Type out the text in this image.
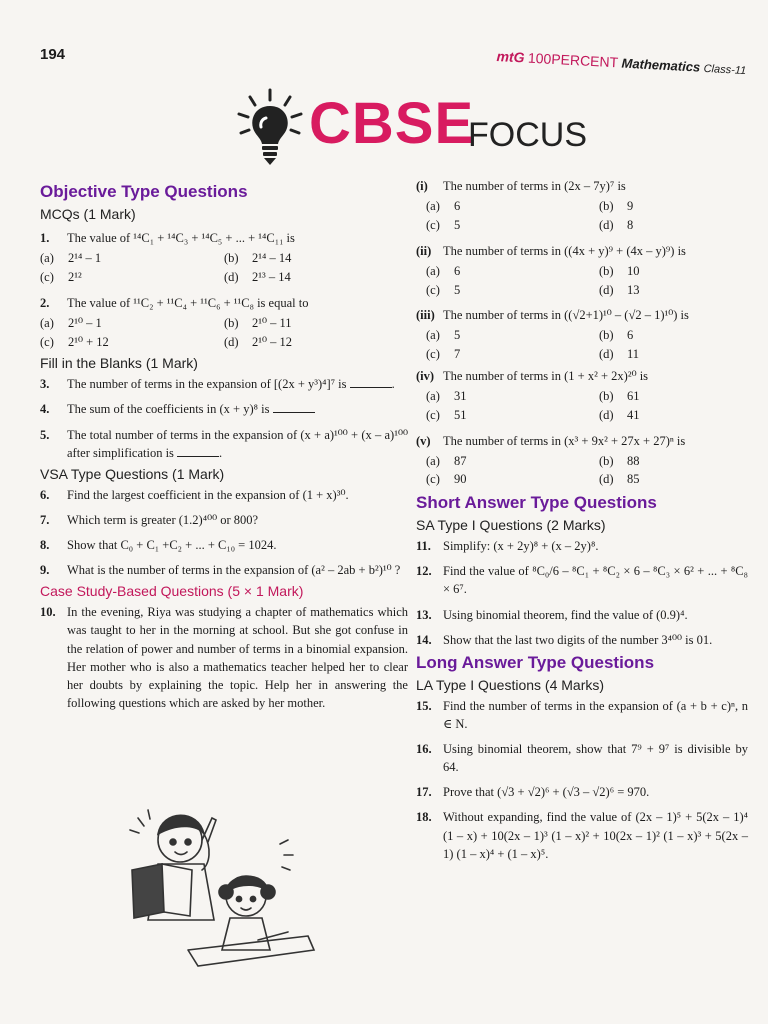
194	mtG 100PERCENT Mathematics Class-11
CBSE
FOCUS
Objective Type Questions
MCQs (1 Mark)
1.	The value of ¹⁴C₁ + ¹⁴C₃ + ¹⁴C₅ + ... + ¹⁴C₁₁ is
(a) 2¹⁴ – 1	(b) 2¹⁴ – 14
(c) 2¹²	(d) 2¹³ – 14
2.	The value of ¹¹C₂ + ¹¹C₄ + ¹¹C₆ + ¹¹C₈ is equal to
(a) 2¹⁰ – 1	(b) 2¹⁰ – 11
(c) 2¹⁰ + 12	(d) 2¹⁰ – 12
Fill in the Blanks (1 Mark)
3.	The number of terms in the expansion of [(2x + y³)⁴]⁷ is	.
4.	The sum of the coefficients in (x + y)⁸ is
5.	The total number of terms in the expansion of (x + a)¹⁰⁰ + (x – a)¹⁰⁰ after simplification is	.
VSA Type Questions (1 Mark)
6.	Find the largest coefficient in the expansion of (1 + x)³⁰.
7.	Which term is greater (1.2)⁴⁰⁰ or 800?
8.	Show that C₀ + C₁ +C₂ + ... + C₁₀ = 1024.
9.	What is the number of terms in the expansion of (a² – 2ab + b²)¹⁰ ?
Case Study-Based Questions (5 × 1 Mark)
10. In the evening, Riya was studying a chapter of mathematics which was taught to her in the morning at school. But she got confuse in the relation of power and number of terms in a binomial expansion. Her mother who is also a mathematics teacher helped her to clear her doubts by explaining the topic. Help her in answering the following questions which are asked by her mother.
(i)	The number of terms in (2x – 7y)⁷ is
(a) 6	(b) 9
(c) 5	(d) 8
(ii) The number of terms in ((4x + y)⁹ + (4x – y)⁹) is
(a) 6	(b) 10
(c) 5	(d) 13
(iii) The number of terms in ((√2+1)¹⁰ – (√2 – 1)¹⁰) is
(a) 5	(b) 6
(c) 7	(d) 11
(iv) The number of terms in (1 + x² + 2x)²⁰ is
(a) 31	(b) 61
(c) 51	(d) 41
(v) The number of terms in (x³ + 9x² + 27x + 27)ⁿ is
(a) 87	(b) 88
(c) 90	(d) 85
Short Answer Type Questions
SA Type I Questions (2 Marks)
11. Simplify: (x + 2y)⁸ + (x – 2y)⁸.
12. Find the value of ⁸C₀/6 – ⁸C₁ + ⁸C₂ × 6 – ⁸C₃ × 6² + ... + ⁸C₈ × 6⁷.
13. Using binomial theorem, find the value of (0.9)⁴.
14. Show that the last two digits of the number 3⁴⁰⁰ is 01.
Long Answer Type Questions
LA Type I Questions (4 Marks)
15. Find the number of terms in the expansion of (a + b + c)ⁿ, n ∈ N.
16. Using binomial theorem, show that 7⁹ + 9⁷ is divisible by 64.
17. Prove that (√3 + √2)⁶ + (√3 – √2)⁶ = 970.
18. Without expanding, find the value of (2x – 1)⁵ + 5(2x – 1)⁴ (1 – x) + 10(2x – 1)³ (1 – x)² + 10(2x – 1)² (1 – x)³ + 5(2x – 1) (1 – x)⁴ + (1 – x)⁵.
